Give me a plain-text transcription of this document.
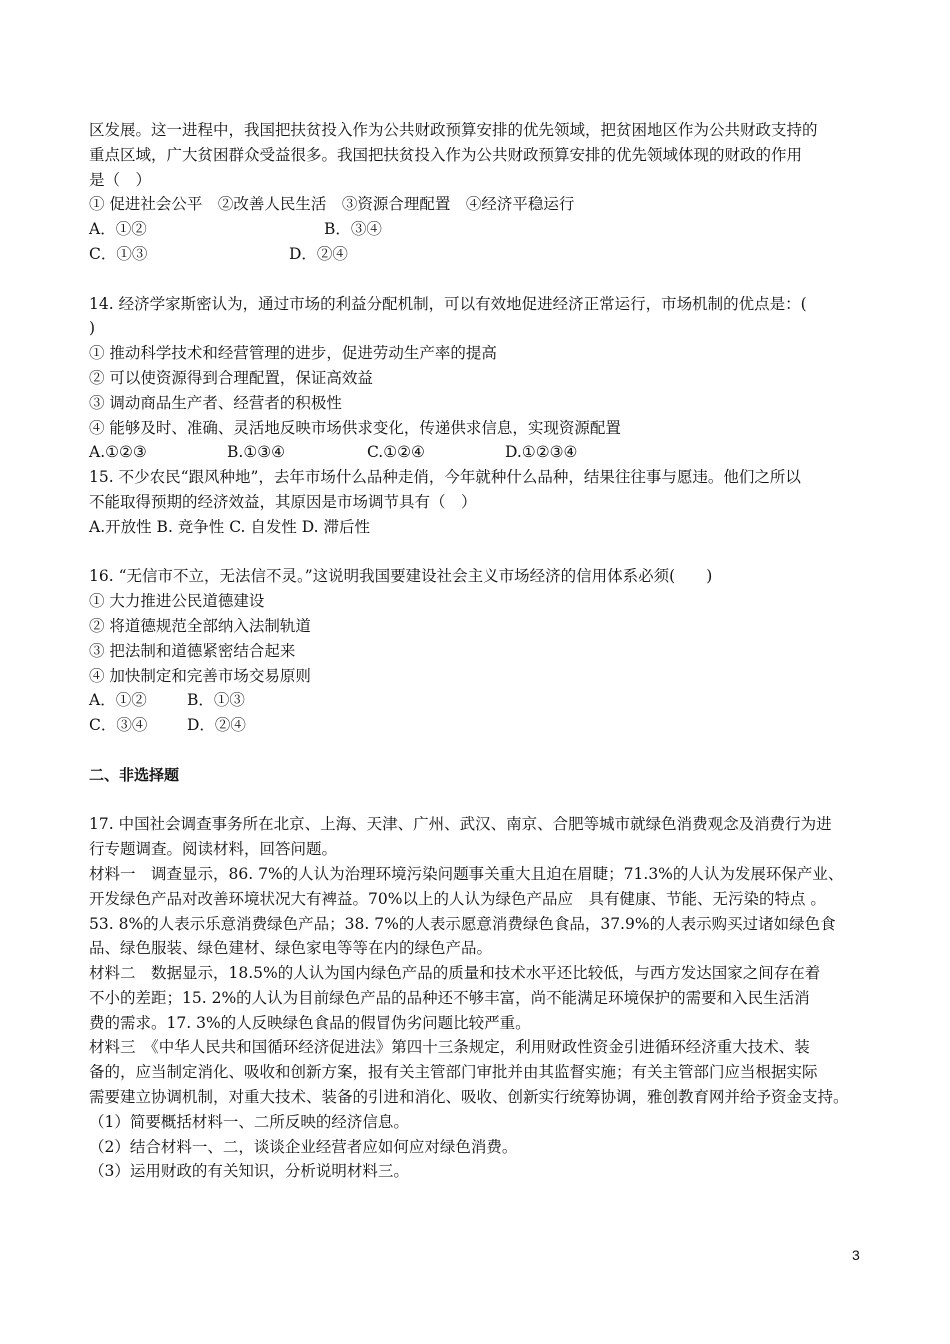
区发展。这一进程中，我国把扶贫投入作为公共财政预算安排的优先领域，把贫困地区作为公共财政支持的
重点区域，广大贫困群众受益很多。我国把扶贫投入作为公共财政预算安排的优先领域体现的财政的作用
是（　）
① 促进社会公平　②改善人民生活　③资源合理配置　④经济平稳运行
A．①②	B．③④
C．①③	D．②④
14. 经济学家斯密认为，通过市场的利益分配机制，可以有效地促进经济正常运行，市场机制的优点是：(
)
① 推动科学技术和经营管理的进步，促进劳动生产率的提高
② 可以使资源得到合理配置，保证高效益
③ 调动商品生产者、经营者的积极性
④ 能够及时、准确、灵活地反映市场供求变化，传递供求信息，实现资源配置
A.①②③	B.①③④	C.①②④	D.①②③④
15. 不少农民“跟风种地”，去年市场什么品种走俏，今年就种什么品种，结果往往事与愿违。他们之所以
不能取得预期的经济效益，其原因是市场调节具有（　）
A.开放性 B. 竞争性 C. 自发性 D. 滞后性
16. “无信市不立，无法信不灵。”这说明我国要建设社会主义市场经济的信用体系必须(　　)
① 大力推进公民道德建设
② 将道德规范全部纳入法制轨道
③ 把法制和道德紧密结合起来
④ 加快制定和完善市场交易原则
A．①②	B．①③
C．③④	D．②④
二、非选择题
17. 中国社会调查事务所在北京、上海、天津、广州、武汉、南京、合肥等城市就绿色消费观念及消费行为进
行专题调查。阅读材料，回答问题。
材料一　调查显示，86. 7%的人认为治理环境污染问题事关重大且迫在眉睫；71.3%的人认为发展环保产业、
开发绿色产品对改善环境状况大有裨益。70%以上的人认为绿色产品应　具有健康、节能、无污染的特点 。
53. 8%的人表示乐意消费绿色产品；38. 7%的人表示愿意消费绿色食品，37.9%的人表示购买过诸如绿色食
品、绿色服装、绿色建材、绿色家电等等在内的绿色产品。
材料二　数据显示，18.5%的人认为国内绿色产品的质量和技术水平还比较低，与西方发达国家之间存在着
不小的差距；15. 2%的人认为目前绿色产品的品种还不够丰富，尚不能满足环境保护的需要和入民生活消
费的需求。17. 3%的人反映绿色食品的假冒伪劣问题比较严重。
材料三　《中华人民共和国循环经济促进法》第四十三条规定，利用财政性资金引进循环经济重大技术、装
备的，应当制定消化、吸收和创新方案，报有关主管部门审批并由其监督实施；有关主管部门应当根据实际
需要建立协调机制，对重大技术、装备的引进和消化、吸收、创新实行统筹协调，雅创教育网并给予资金支持。
（1）简要概括材料一、二所反映的经济信息。
（2）结合材料一、二，谈谈企业经营者应如何应对绿色消费。
（3）运用财政的有关知识，分析说明材料三。
3
